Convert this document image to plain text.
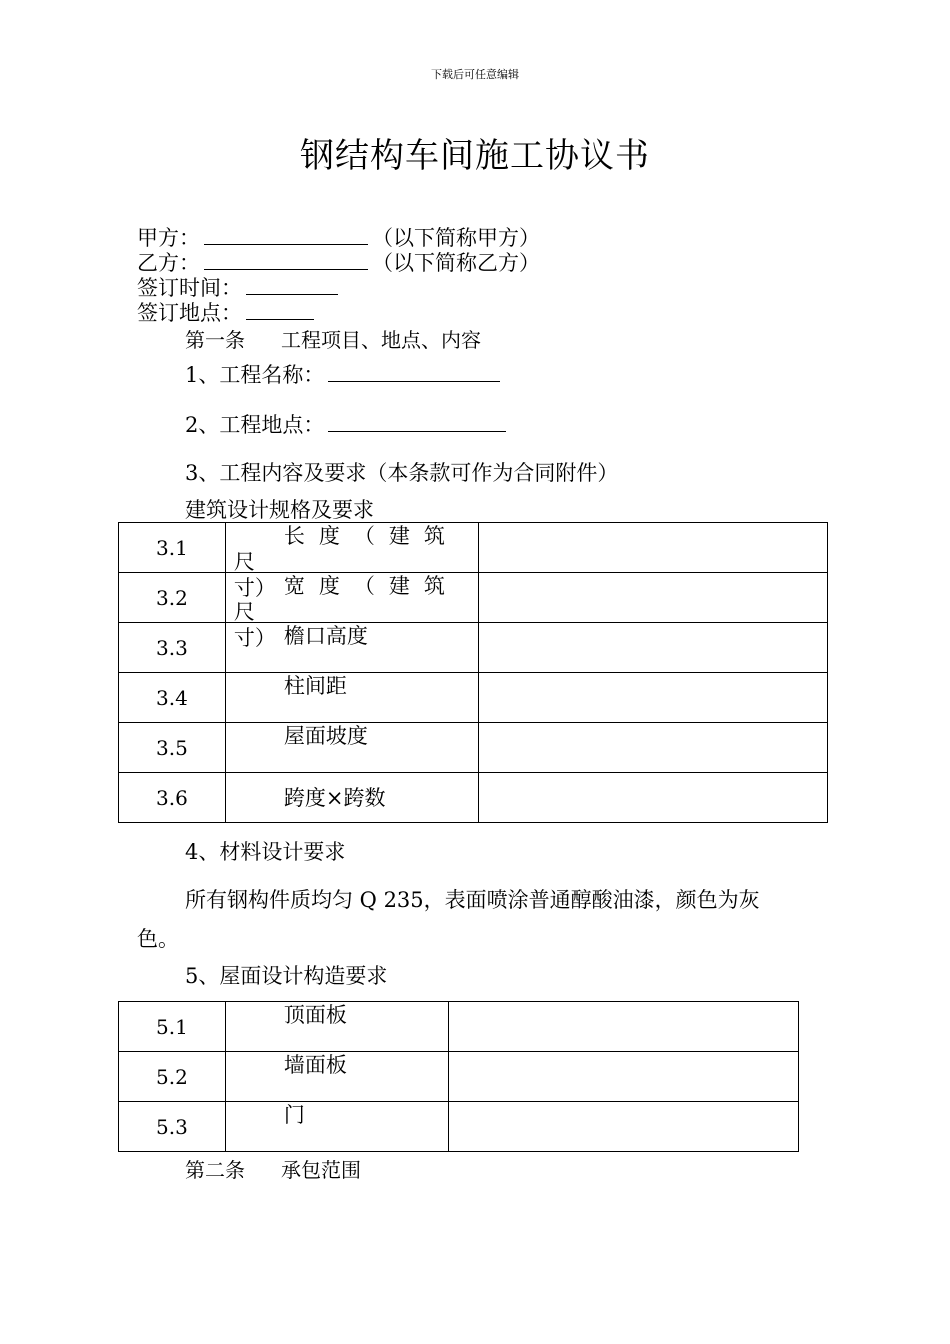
下载后可任意编辑
钢结构车间施工协议书
甲方：	（以下简称甲方）
乙方：	（以下简称乙方）
签订时间：
签订地点：
第一条 工程项目、地点、内容
1、工程名称：
2、工程地点：
3、工程内容及要求（本条款可作为合同附件）
建筑设计规格及要求
3.1	长度（建筑尺
寸）	

3.2	宽度（建筑尺
寸）	

3.3	檐口高度	

3.4	柱间距	

3.5	屋面坡度	

3.6	跨度×跨数	

4、材料设计要求
所有钢构件质均匀 Q 235，表面喷涂普通醇酸油漆，颜色为灰
色。
5、屋面设计构造要求
5.1	顶面板	

5.2	墙面板	

5.3	门	

第二条 承包范围
